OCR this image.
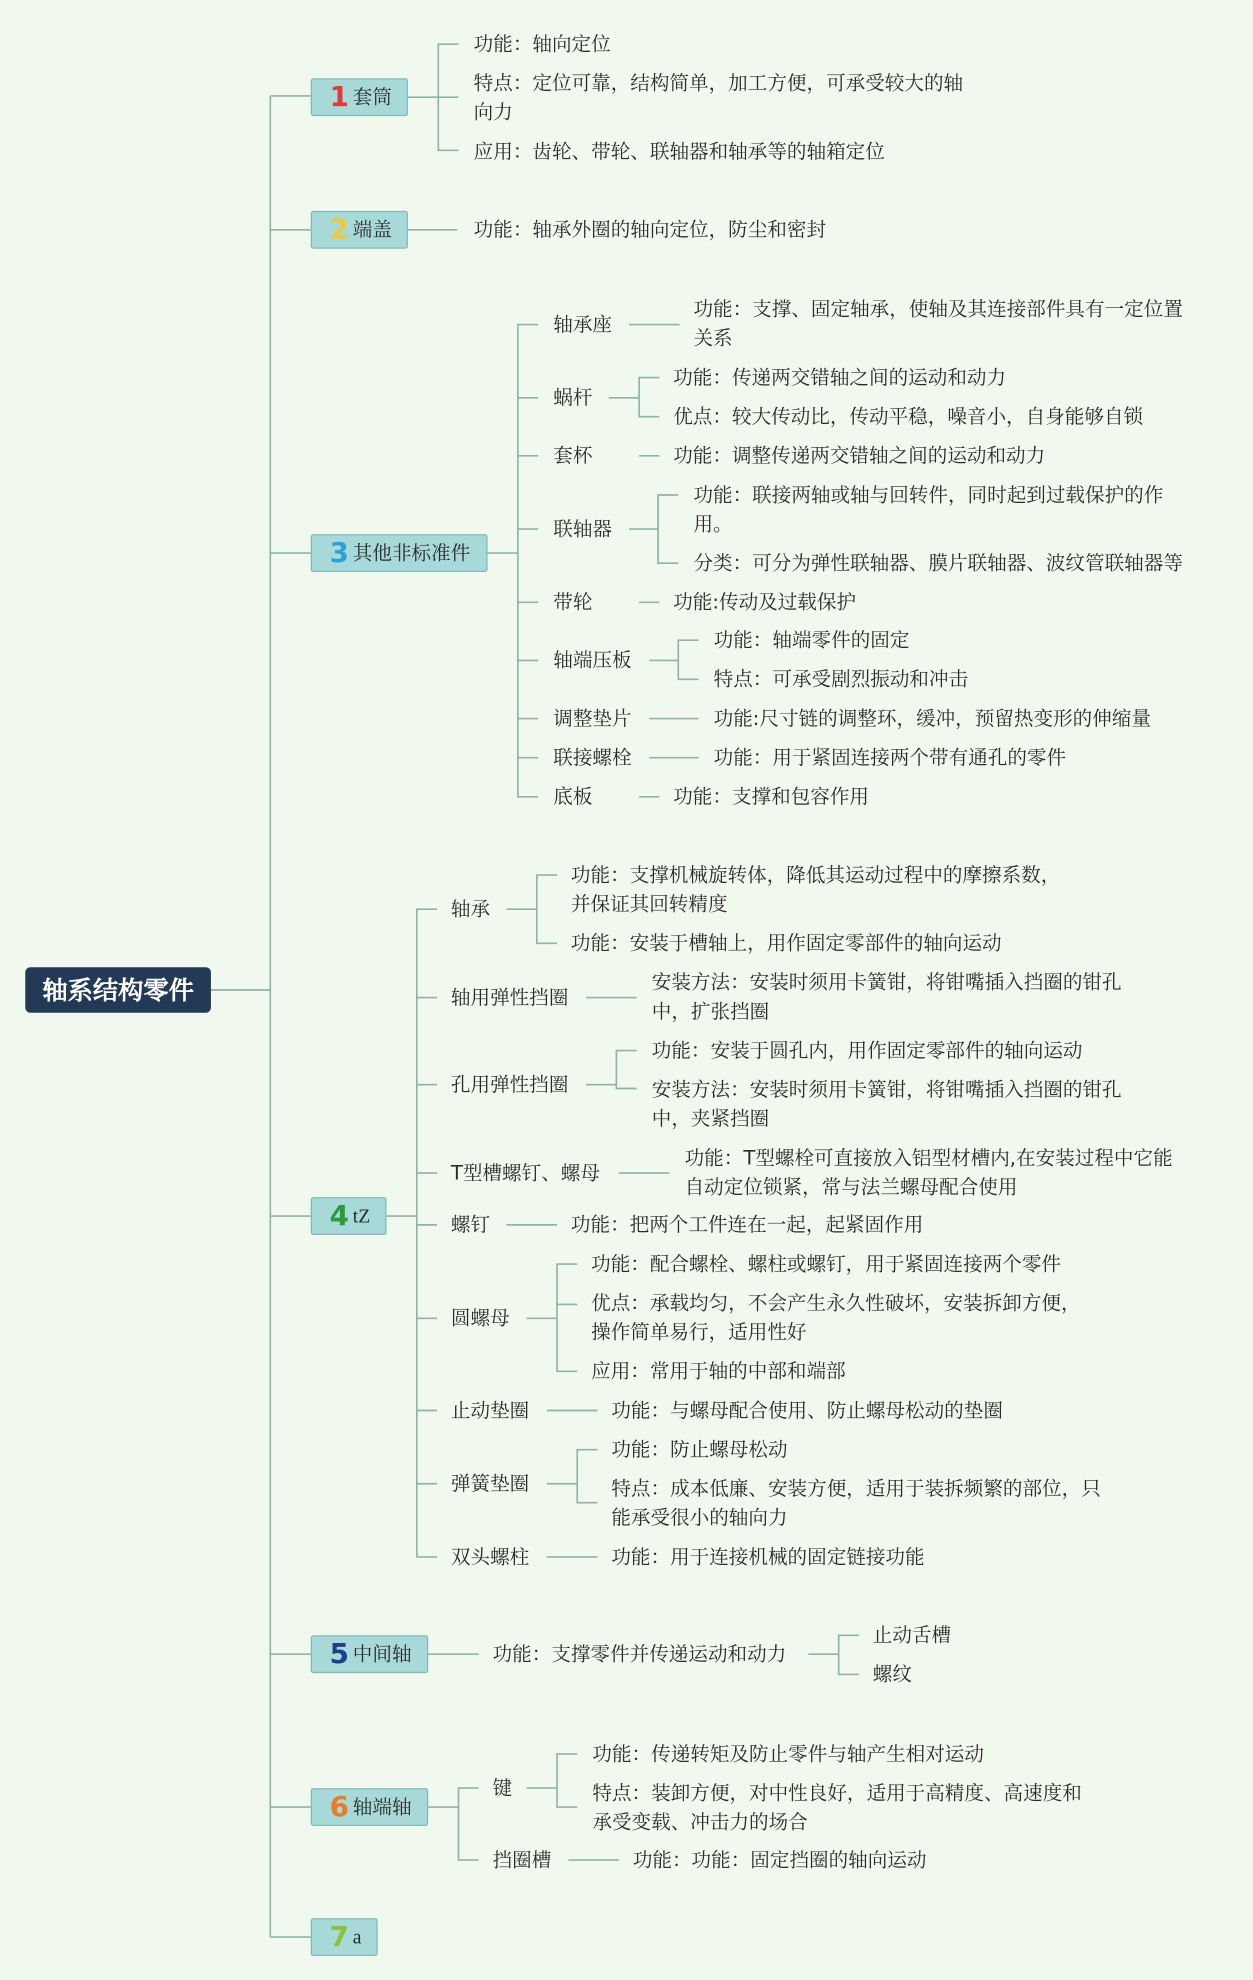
轴系结构零件
1 套筒
2 端盖
3 其他非标准件
4 tZ
5 中间轴
6 轴端轴
7 a
功能：轴向定位
特点：定位可靠，结构简单，加工方便，可承受较大的轴
向力
应用：齿轮、带轮、联轴器和轴承等的轴箱定位
功能：轴承外圈的轴向定位，防尘和密封
轴承座
功能：支撑、固定轴承，使轴及其连接部件具有一定位置
关系
蜗杆
功能：传递两交错轴之间的运动和动力
优点：较大传动比，传动平稳，噪音小，自身能够自锁
套杯	功能：调整传递两交错轴之间的运动和动力
联轴器
功能：联接两轴或轴与回转件，同时起到过载保护的作
用。
分类：可分为弹性联轴器、膜片联轴器、波纹管联轴器等
带轮	功能:传动及过载保护
轴端压板
功能：轴端零件的固定
特点：可承受剧烈振动和冲击
调整垫片	功能:尺寸链的调整环，缓冲，预留热变形的伸缩量
联接螺栓	功能：用于紧固连接两个带有通孔的零件
底板	功能：支撑和包容作用
轴承
功能：支撑机械旋转体，降低其运动过程中的摩擦系数，
并保证其回转精度
功能：安装于槽轴上，用作固定零部件的轴向运动
轴用弹性挡圈
安装方法：安装时须用卡簧钳，将钳嘴插入挡圈的钳孔
中，扩张挡圈
孔用弹性挡圈
功能：安装于圆孔内，用作固定零部件的轴向运动
安装方法：安装时须用卡簧钳，将钳嘴插入挡圈的钳孔
中，夹紧挡圈
T型槽螺钉、螺母
功能：T型螺栓可直接放入铝型材槽内,在安装过程中它能
自动定位锁紧，常与法兰螺母配合使用
螺钉	功能：把两个工件连在一起，起紧固作用
圆螺母
功能：配合螺栓、螺柱或螺钉，用于紧固连接两个零件
优点：承载均匀，不会产生永久性破坏，安装拆卸方便，
操作简单易行，适用性好
应用：常用于轴的中部和端部
止动垫圈	功能：与螺母配合使用、防止螺母松动的垫圈
弹簧垫圈
功能：防止螺母松动
特点：成本低廉、安装方便，适用于装拆频繁的部位，只
能承受很小的轴向力
双头螺柱	功能：用于连接机械的固定链接功能
功能：支撑零件并传递运动和动力
止动舌槽
螺纹
键
功能：传递转矩及防止零件与轴产生相对运动
特点：装卸方便，对中性良好，适用于高精度、高速度和
承受变载、冲击力的场合
挡圈槽	功能：功能：固定挡圈的轴向运动
